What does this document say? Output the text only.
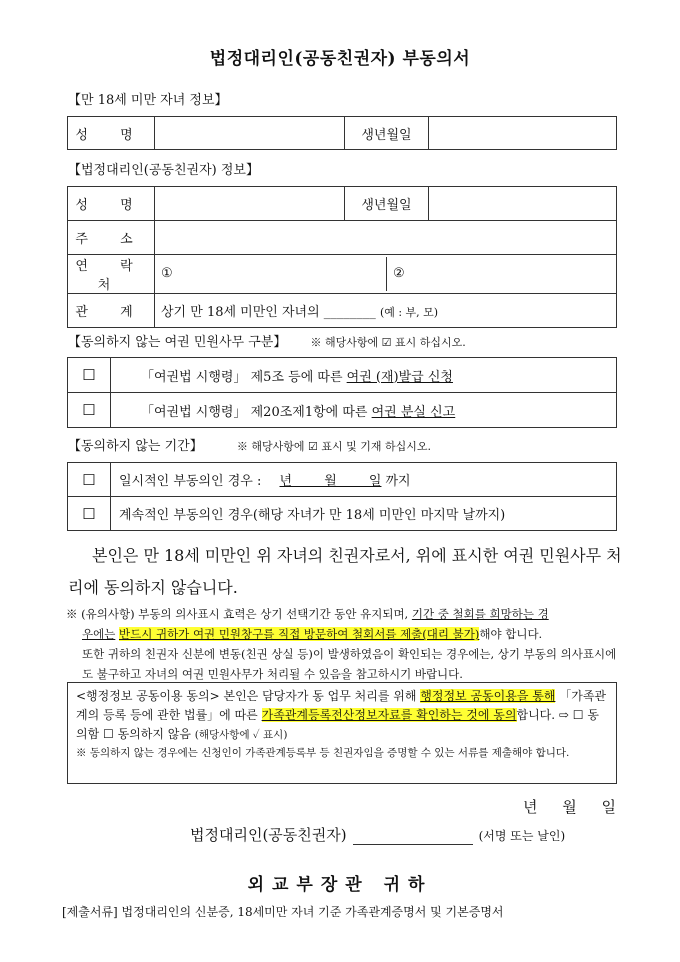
법정대리인(공동친권자) 부동의서
【만 18세 미만 자녀 정보】
성 명		생년월일	
【법정대리인(공동친권자) 정보】
성 명		생년월일	
주 소			
연 락 처	① ②		

관 계	상기 만 18세 미만인 자녀의 ________ (예 : 부, 모)		
【동의하지 않는 여권 민원사무 구분】 ※ 해당사항에 ☑ 표시 하십시오.
☐	「여권법 시행령」 제5조 등에 따른 여권 (재)발급 신청
☐	「여권법 시행령」 제20조제1항에 따른 여권 분실 신고
【동의하지 않는 기간】	※ 해당사항에 ☑ 표시 및 기재 하십시오.
☐	일시적인 부동의인 경우 : 년 월 일 까지
☐	계속적인 부동의인 경우(해당 자녀가 만 18세 미만인 마지막 날까지)
본인은 만 18세 미만인 위 자녀의 친권자로서, 위에 표시한 여권 민원사무 처리에 동의하지 않습니다.
※ (유의사항) 부동의 의사표시 효력은 상기 선택기간 동안 유지되며, 기간 중 철회를 희망하는 경
우에는 반드시 귀하가 여권 민원창구를 직접 방문하여 철회서를 제출(대리 불가)해야 합니다.
또한 귀하의 친권자 신분에 변동(친권 상실 등)이 발생하였음이 확인되는 경우에는, 상기 부동의 의사표시에도 불구하고 자녀의 여권 민원사무가 처리될 수 있음을 참고하시기 바랍니다.
<행정정보 공동이용 동의> 본인은 담당자가 동 업무 처리를 위해 행정정보 공동이용을 통해 「가족관계의 등록 등에 관한 법률」에 따른 가족관계등록전산정보자료를 확인하는 것에 동의합니다. ⇨ ☐ 동의함 ☐ 동의하지 않음 (해당사항에 ✓ 표시)
※ 동의하지 않는 경우에는 신청인이 가족관계등록부 등 친권자임을 증명할 수 있는 서류를 제출해야 합니다.
년 월 일
법정대리인(공동친권자)	(서명 또는 날인)
외교부장관 귀하
[제출서류] 법정대리인의 신분증, 18세미만 자녀 기준 가족관계증명서 및 기본증명서
